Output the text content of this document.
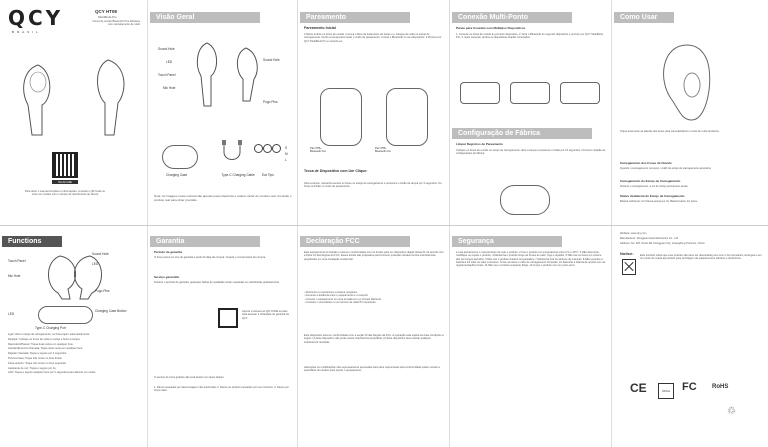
QCY
BRASIL
QCY HT08
MeloBuds Pro
Fones de ouvido Bluetooth True Wireless com cancelamento de ruído
SCAN ME
Para obter o manual completo e informações, consulte o QR Code ou entre em contato com o serviço de atendimento ao cliente
Visão Geral
Sound Hole
LED
Touch Panel
Mic Hole
Sound Hole
Pogo Pins
S
M
L
Charging Case	Type-C Charging Cable	Ear Tips
Nota: As imagens neste manual são apenas para referência e podem variar do produto real. Consulte o produto real para obter precisão.
Pareamento
Pareamento Inicial
1.Retire ambos os fones de ouvido, remova o filme de isolamento do estojo e o coloque de volta no estojo de carregamento. Feche a tampa para iniciar o modo de pareamento. 2.Ative o Bluetooth no seu dispositivo. 3.Procure por QCY MeloBuds Pro e conecte-se.
Pair 0TB+ Bluetooth Fim
Pair 0TB+ Bluetooth Fim
Troca de Dispositivo com Um Clique:
Abra a tampa, mantenha ambos os fones no estojo de carregamento e pressione o botão de tampa por 3 segundos. Os fones entrarão no modo de pareamento.
Conexão Multi-Ponto
Pareie para Conexão com Múltiplos Dispositivos
1. Conecte os fones de ouvido ao primeiro dispositivo. 2. Abra o Bluetooth do segundo dispositivo e procure por QCY MeloBuds Pro. 3. Após conectar, ambos os dispositivos ficarão conectados.
Configuração de Fábrica
Limpar Registros de Pareamento
Coloque os fones de ouvido no estojo de carregamento, abra a tampa e pressione o botão por 15 segundos. Os fones voltarão às configurações de fábrica.
Como Usar
Toque levemente as laterais dos fones para cancelar/ativar o modo de ruído ambiente.
Carregamento dos Fones de Ouvido
Quando o carregamento começar, o LED do estojo de carregamento acenderá.
Carregamento do Estojo de Carregamento
Durante o carregamento, a luz do estojo permanece acesa.
Status da Bateria do Estojo de Carregamento
Bateria suficiente: luz branca acesa por 3s. Bateria baixa: luz pisca.
Functions
Sound Hole
Touch Panel
LED
Mic Hole
Pogo Pins
LED
Charging Case Button
Type-C Charging Port
Ligar: Abra o estojo de carregamento; os fones ligam automaticamente.
Desligar: Coloque os fones de volta no estojo e feche a tampa.
Reproduzir/Pausar: Toque duas vezes em qualquer fone.
Atender/Encerrar chamada: Toque duas vezes em qualquer fone.
Rejeitar chamada: Toque e segure por 2 segundos.
Próxima faixa: Toque três vezes no fone direito.
Faixa anterior: Toque três vezes no fone esquerdo.
Assistente de voz: Toque e segure por 2s.
ANC: Toque e segure qualquer fone por 2 segundos para alternar os modos.
Garantia
Período de garantia
O fone possui um ano de garantia a partir da data da compra. Guarde o comprovante de compra.
Serviço garantido
Durante o período de garantia, quaisquer falhas de qualidade serão reparadas ou substituídas gratuitamente.
Aponte a câmera ao QR CODE ao lado para acessar a Variedade de garantia da QCY.
O serviço de troca gratuita não será aceito nos casos abaixo:
1. Danos causados por desmontagem não autorizada; 2. Danos ao produto causados por uso incorreto; 3. Danos por força maior.
Declaração FCC
Este equipamento foi testado e está em conformidade com os limites para um dispositivo digital Classe B, de acordo com a Parte 15 das Regras da FCC. Esses limites são projetados para fornecer proteção razoável contra interferências prejudiciais em uma instalação residencial.
- Reoriente ou reposicione a antena receptora.
- Aumente a distância entre o equipamento e o receptor.
- Conecte o equipamento em uma tomada em um circuito diferente.
- Consulte o revendedor ou um técnico de rádio/TV experiente.
Este dispositivo está em conformidade com a seção 15 das Regras da FCC. A operação está sujeita às duas condições a seguir: (1) Este dispositivo não pode causar interferência prejudicial. (2) Este dispositivo deve aceitar qualquer interferência recebida.
Alterações ou modificações não expressamente aprovadas pela parte responsável pela conformidade podem anular a autoridade do usuário para operar o equipamento.
Segurança
1.Leia atentamente o manual antes de usar o produto. 2.Use o produto em temperaturas entre 0°C e 45°C. 3.Não desmonte, modifique ou repare o produto. 4.Mantenha o produto longe de fontes de calor, fogo e líquidos. 5.Não use os fones em volume alto por longos períodos. 6.Não use o produto durante tempestades. 7.Mantenha fora do alcance de crianças. 8.Não exponha a bateria à luz solar ou calor excessivo. 9.Use somente o cabo de carregamento fornecido. 10.Descarte a bateria de acordo com as regulamentações locais. 11.Não use o produto enquanto dirige. 12.Limpe o produto com um pano seco.
Website: www.qcy.com
Manufacturer: Dongguan Hele Electronics Co., Ltd
Address: No. 325 Yonhe Rd, Dongguan City, Guangdong Province, China
Notice: Este símbolo indica que este produto não deve ser descartado junto com o lixo doméstico. Entregue-o em um ponto de coleta apropriado para reciclagem de equipamentos elétricos e eletrônicos.
CE	UKCA	FC	RoHS
♲
